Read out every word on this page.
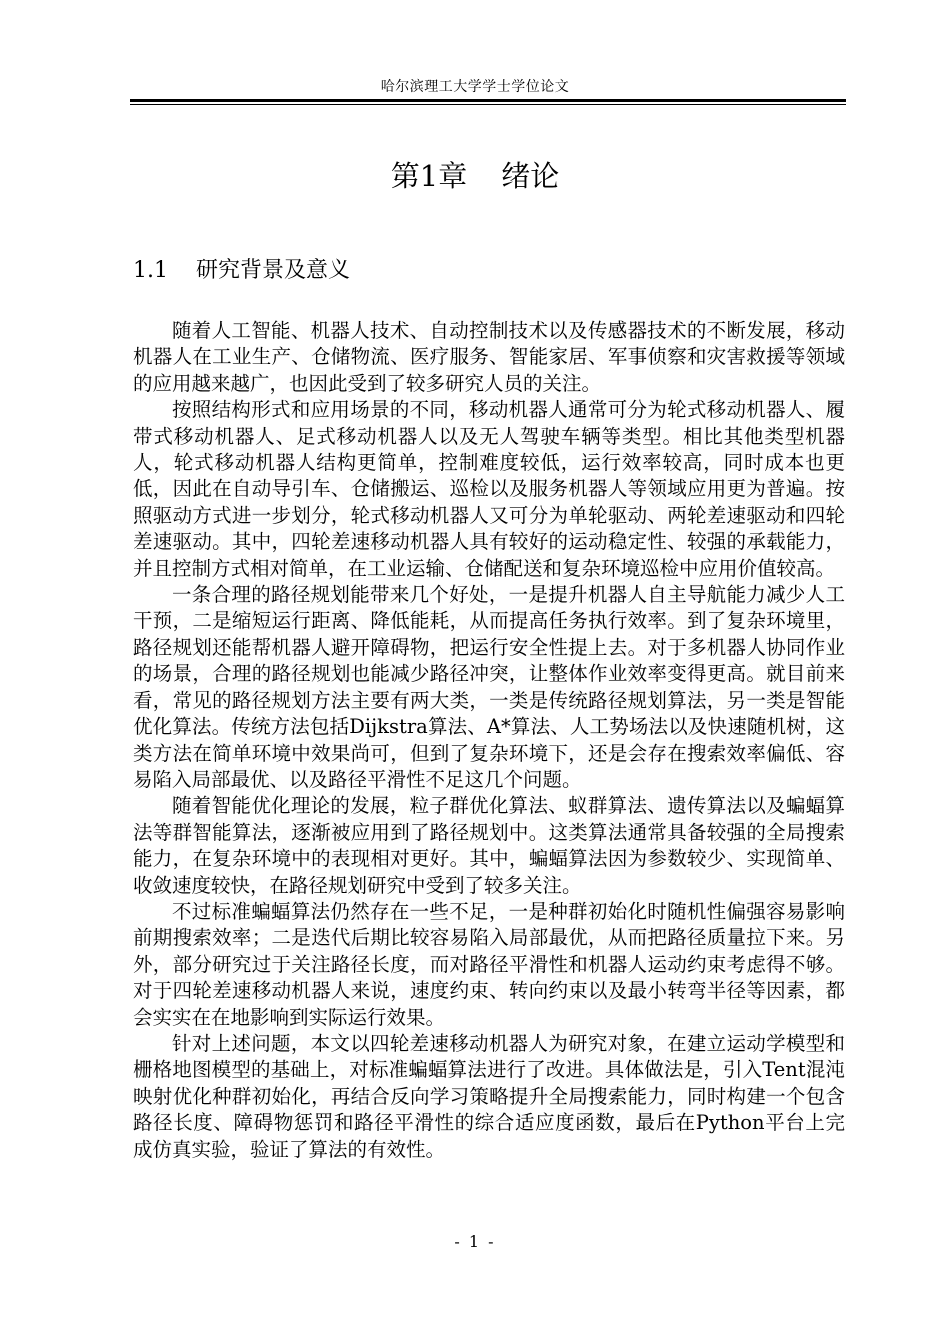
哈尔滨理工大学学士学位论文
第1章 绪论
1.1 研究背景及意义

随着人工智能、机器人技术、自动控制技术以及传感器技术的不断发展，移动机器人在工业生产、仓储物流、医疗服务、智能家居、军事侦察和灾害救援等领域的应用越来越广，也因此受到了较多研究人员的关注。

按照结构形式和应用场景的不同，移动机器人通常可分为轮式移动机器人、履带式移动机器人、足式移动机器人以及无人驾驶车辆等类型。相比其他类型机器人，轮式移动机器人结构更简单，控制难度较低，运行效率较高，同时成本也更低，因此在自动导引车、仓储搬运、巡检以及服务机器人等领域应用更为普遍。按照驱动方式进一步划分，轮式移动机器人又可分为单轮驱动、两轮差速驱动和四轮差速驱动。其中，四轮差速移动机器人具有较好的运动稳定性、较强的承载能力，并且控制方式相对简单，在工业运输、仓储配送和复杂环境巡检中应用价值较高。

一条合理的路径规划能带来几个好处，一是提升机器人自主导航能力减少人工干预，二是缩短运行距离、降低能耗，从而提高任务执行效率。到了复杂环境里，路径规划还能帮机器人避开障碍物，把运行安全性提上去。对于多机器人协同作业的场景，合理的路径规划也能减少路径冲突，让整体作业效率变得更高。就目前来看，常见的路径规划方法主要有两大类，一类是传统路径规划算法，另一类是智能优化算法。传统方法包括Dijkstra算法、A*算法、人工势场法以及快速随机树，这类方法在简单环境中效果尚可，但到了复杂环境下，还是会存在搜索效率偏低、容易陷入局部最优、以及路径平滑性不足这几个问题。

随着智能优化理论的发展，粒子群优化算法、蚁群算法、遗传算法以及蝙蝠算法等群智能算法，逐渐被应用到了路径规划中。这类算法通常具备较强的全局搜索能力，在复杂环境中的表现相对更好。其中，蝙蝠算法因为参数较少、实现简单、收敛速度较快，在路径规划研究中受到了较多关注。

不过标准蝙蝠算法仍然存在一些不足，一是种群初始化时随机性偏强容易影响前期搜索效率；二是迭代后期比较容易陷入局部最优，从而把路径质量拉下来。另外，部分研究过于关注路径长度，而对路径平滑性和机器人运动约束考虑得不够。对于四轮差速移动机器人来说，速度约束、转向约束以及最小转弯半径等因素，都会实实在在地影响到实际运行效果。

针对上述问题，本文以四轮差速移动机器人为研究对象，在建立运动学模型和栅格地图模型的基础上，对标准蝙蝠算法进行了改进。具体做法是，引入Tent混沌映射优化种群初始化，再结合反向学习策略提升全局搜索能力，同时构建一个包含路径长度、障碍物惩罚和路径平滑性的综合适应度函数，最后在Python平台上完成仿真实验，验证了算法的有效性。

- 1 -
